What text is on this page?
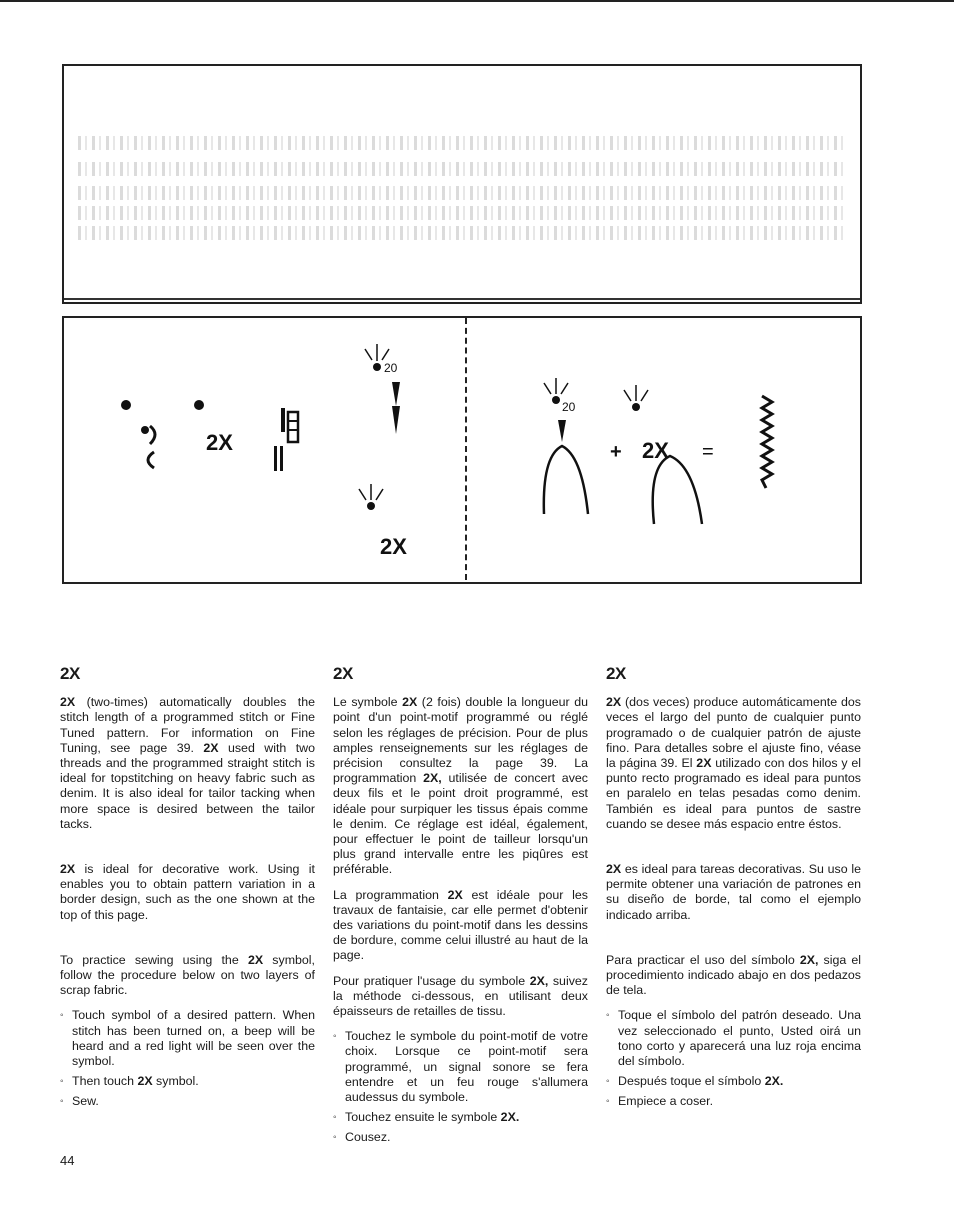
2X
20
2X
20
+ 2X =
2X

2X (two-times) automatically doubles the stitch length of a programmed stitch or Fine Tuned pattern. For information on Fine Tuning, see page 39. 2X used with two threads and the programmed straight stitch is ideal for topstitching on heavy fabric such as denim. It is also ideal for tailor tacking when more space is desired between the tailor tacks.

2X is ideal for decorative work. Using it enables you to obtain pattern variation in a border design, such as the one shown at the top of this page.

To practice sewing using the 2X symbol, follow the procedure below on two layers of scrap fabric.

◦ Touch symbol of a desired pattern. When stitch has been turned on, a beep will be heard and a red light will be seen over the symbol.
◦ Then touch 2X symbol.
◦ Sew.
2X

Le symbole 2X (2 fois) double la longueur du point d'un point-motif programmé ou réglé selon les réglages de précision. Pour de plus amples renseignements sur les réglages de précision consultez la page 39. La programmation 2X, utilisée de concert avec deux fils et le point droit programmé, est idéale pour surpiquer les tissus épais comme le denim. Ce réglage est idéal, également, pour effectuer le point de tailleur lorsqu'un plus grand intervalle entre les piqûres est préférable.

La programmation 2X est idéale pour les travaux de fantaisie, car elle permet d'obtenir des variations du point-motif dans les dessins de bordure, comme celui illustré au haut de la page.

Pour pratiquer l'usage du symbole 2X, suivez la méthode ci-dessous, en utilisant deux épaisseurs de retailles de tissu.

◦ Touchez le symbole du point-motif de votre choix. Lorsque ce point-motif sera programmé, un signal sonore se fera entendre et un feu rouge s'allumera audessus du symbole.
◦ Touchez ensuite le symbole 2X.
◦ Cousez.
2X

2X (dos veces) produce automáticamente dos veces el largo del punto de cualquier punto programado o de cualquier patrón de ajuste fino. Para detalles sobre el ajuste fino, véase la página 39. El 2X utilizado con dos hilos y el punto recto programado es ideal para puntos en paralelo en telas pesadas como denim. También es ideal para puntos de sastre cuando se desee más espacio entre éstos.

2X es ideal para tareas decorativas. Su uso le permite obtener una variación de patrones en su diseño de borde, tal como el ejemplo indicado arriba.

Para practicar el uso del símbolo 2X, siga el procedimiento indicado abajo en dos pedazos de tela.

◦ Toque el símbolo del patrón deseado. Una vez seleccionado el punto, Usted oirá un tono corto y aparecerá una luz roja encima del símbolo.
◦ Después toque el símbolo 2X.
◦ Empiece a coser.
44
